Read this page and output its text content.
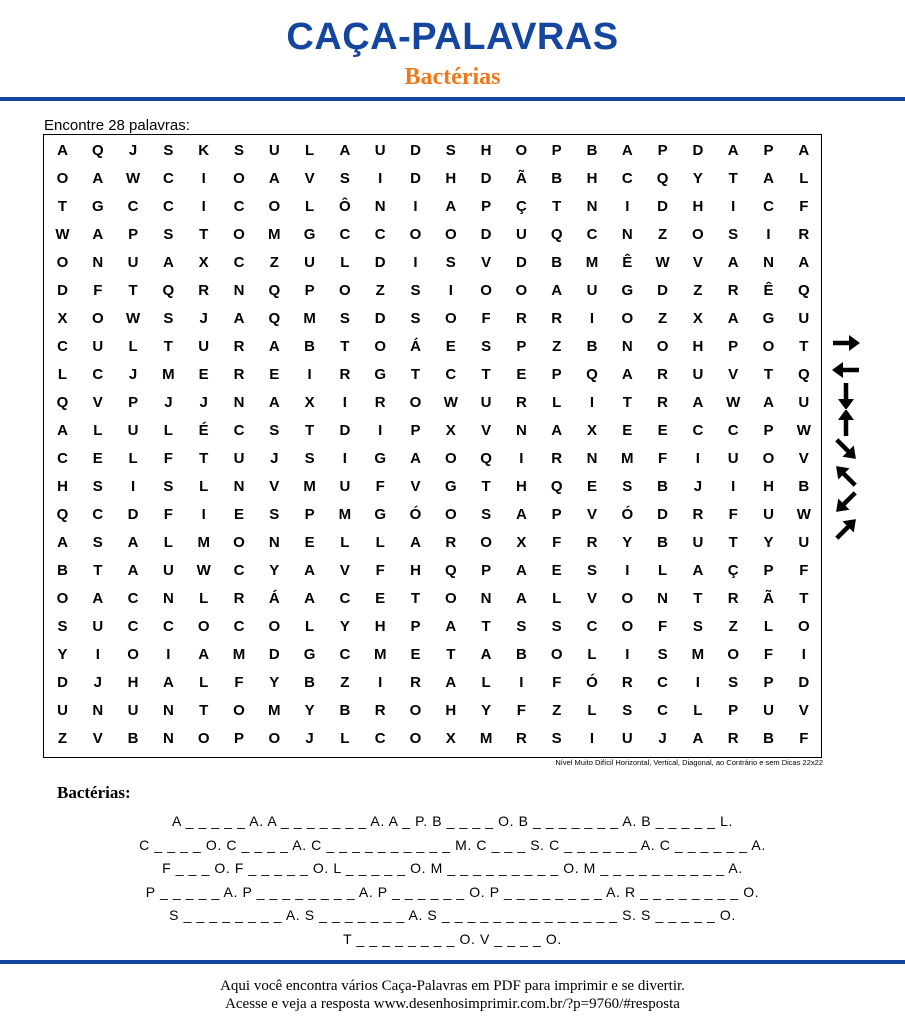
CAÇA-PALAVRAS
Bactérias
Encontre 28 palavras:
A	Q	J	S	K	S	U	L	A	U	D	S	H	O	P	B	A	P	D	A	P	A
O	A	W	C	I	O	A	V	S	I	D	H	D	Ã	B	H	C	Q	Y	T	A	L
T	G	C	C	I	C	O	L	Ô	N	I	A	P	Ç	T	N	I	D	H	I	C	F
W	A	P	S	T	O	M	G	C	C	O	O	D	U	Q	C	N	Z	O	S	I	R
O	N	U	A	X	C	Z	U	L	D	I	S	V	D	B	M	Ê	W	V	A	N	A
D	F	T	Q	R	N	Q	P	O	Z	S	I	O	O	A	U	G	D	Z	R	Ê	Q
X	O	W	S	J	A	Q	M	S	D	S	O	F	R	R	I	O	Z	X	A	G	U
C	U	L	T	U	R	A	B	T	O	Á	E	S	P	Z	B	N	O	H	P	O	T
L	C	J	M	E	R	E	I	R	G	T	C	T	E	P	Q	A	R	U	V	T	Q
Q	V	P	J	J	N	A	X	I	R	O	W	U	R	L	I	T	R	A	W	A	U
A	L	U	L	É	C	S	T	D	I	P	X	V	N	A	X	E	E	C	C	P	W
C	E	L	F	T	U	J	S	I	G	A	O	Q	I	R	N	M	F	I	U	O	V
H	S	I	S	L	N	V	M	U	F	V	G	T	H	Q	E	S	B	J	I	H	B
Q	C	D	F	I	E	S	P	M	G	Ó	O	S	A	P	V	Ó	D	R	F	U	W
A	S	A	L	M	O	N	E	L	L	A	R	O	X	F	R	Y	B	U	T	Y	U
B	T	A	U	W	C	Y	A	V	F	H	Q	P	A	E	S	I	L	A	Ç	P	F
O	A	C	N	L	R	Á	A	C	E	T	O	N	A	L	V	O	N	T	R	Ã	T
S	U	C	C	O	C	O	L	Y	H	P	A	T	S	S	C	O	F	S	Z	L	O
Y	I	O	I	A	M	D	G	C	M	E	T	A	B	O	L	I	S	M	O	F	I
D	J	H	A	L	F	Y	B	Z	I	R	A	L	I	F	Ó	R	C	I	S	P	D
U	N	U	N	T	O	M	Y	B	R	O	H	Y	F	Z	L	S	C	L	P	U	V
Z	V	B	N	O	P	O	J	L	C	O	X	M	R	S	I	U	J	A	R	B	F
Nível Muito Difícil Horizontal, Vertical, Diagonal, ao Contrário e sem Dicas 22x22
Bactérias:
A _ _ _ _ _ A. A _ _ _ _ _ _ _ A. A _ P. B _ _ _ _ O. B _ _ _ _ _ _ _ A. B _ _ _ _ _ L.
C _ _ _ _ O. C _ _ _ _ A. C _ _ _ _ _ _ _ _ _ _ M. C _ _ _ S. C _ _ _ _ _ _ A. C _ _ _ _ _ _ A.
F _ _ _ O. F _ _ _ _ _ O. L _ _ _ _ _ O. M _ _ _ _ _ _ _ _ _ O. M _ _ _ _ _ _ _ _ _ _ A.
P _ _ _ _ _ A. P _ _ _ _ _ _ _ _ A. P _ _ _ _ _ _ O. P _ _ _ _ _ _ _ _ A. R _ _ _ _ _ _ _ _ O.
S _ _ _ _ _ _ _ _ A. S _ _ _ _ _ _ _ A. S _ _ _ _ _ _ _ _ _ _ _ _ _ _ S. S _ _ _ _ _ O.
T _ _ _ _ _ _ _ _ O. V _ _ _ _ O.
Aqui você encontra vários Caça-Palavras em PDF para imprimir e se divertir.
Acesse e veja a resposta www.desenhosimprimir.com.br/?p=9760/#resposta
